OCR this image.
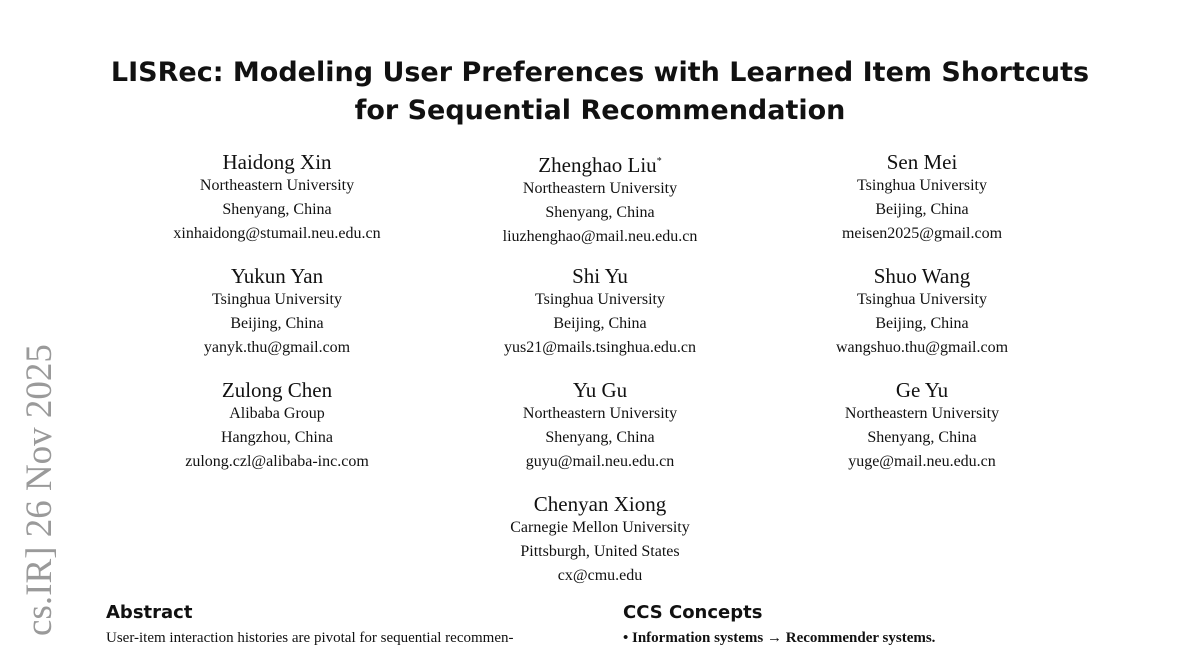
LISRec: Modeling User Preferences with Learned Item Shortcuts
for Sequential Recommendation
Haidong Xin
Northeastern University
Shenyang, China
xinhaidong@stumail.neu.edu.cn
Zhenghao Liu*
Northeastern University
Shenyang, China
liuzhenghao@mail.neu.edu.cn
Sen Mei
Tsinghua University
Beijing, China
meisen2025@gmail.com
Yukun Yan
Tsinghua University
Beijing, China
yanyk.thu@gmail.com
Shi Yu
Tsinghua University
Beijing, China
yus21@mails.tsinghua.edu.cn
Shuo Wang
Tsinghua University
Beijing, China
wangshuo.thu@gmail.com
Zulong Chen
Alibaba Group
Hangzhou, China
zulong.czl@alibaba-inc.com
Yu Gu
Northeastern University
Shenyang, China
guyu@mail.neu.edu.cn
Ge Yu
Northeastern University
Shenyang, China
yuge@mail.neu.edu.cn
Chenyan Xiong
Carnegie Mellon University
Pittsburgh, United States
cx@cmu.edu
cs.IR] 26 Nov 2025	Abstract
User-item interaction histories are pivotal for sequential recommen-
CCS Concepts
• Information systems → Recommender systems.
